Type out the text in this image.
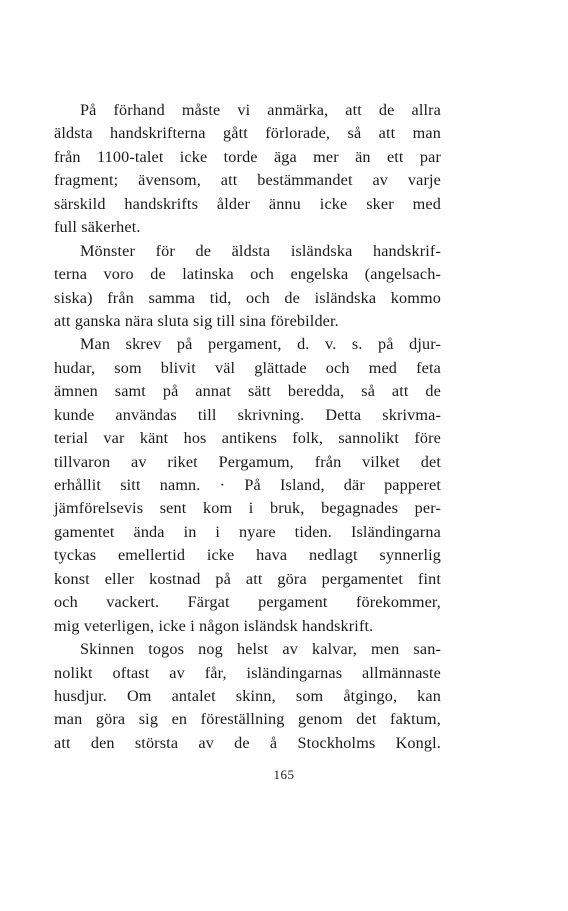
På förhand måste vi anmärka, att de allra
äldsta handskrifterna gått förlorade, så att man
från 1100-talet icke torde äga mer än ett par
fragment; ävensom, att bestämmandet av varje
särskild handskrifts ålder ännu icke sker med
full säkerhet.
Mönster för de äldsta isländska handskrif-
terna voro de latinska och engelska (angelsach-
siska) från samma tid, och de isländska kommo
att ganska nära sluta sig till sina förebilder.
Man skrev på pergament, d. v. s. på djur-
hudar, som blivit väl glättade och med feta
ämnen samt på annat sätt beredda, så att de
kunde användas till skrivning. Detta skrivma-
terial var känt hos antikens folk, sannolikt före
tillvaron av riket Pergamum, från vilket det
erhållit sitt namn. · På Island, där papperet
jämförelsevis sent kom i bruk, begagnades per-
gamentet ända in i nyare tiden. Isländingarna
tyckas emellertid icke hava nedlagt synnerlig
konst eller kostnad på att göra pergamentet fint
och vackert. Färgat pergament förekommer,
mig veterligen, icke i någon isländsk handskrift.
Skinnen togos nog helst av kalvar, men san-
nolikt oftast av får, isländingarnas allmännaste
husdjur. Om antalet skinn, som åtgingo, kan
man göra sig en föreställning genom det faktum,
att den största av de å Stockholms Kongl.
165
